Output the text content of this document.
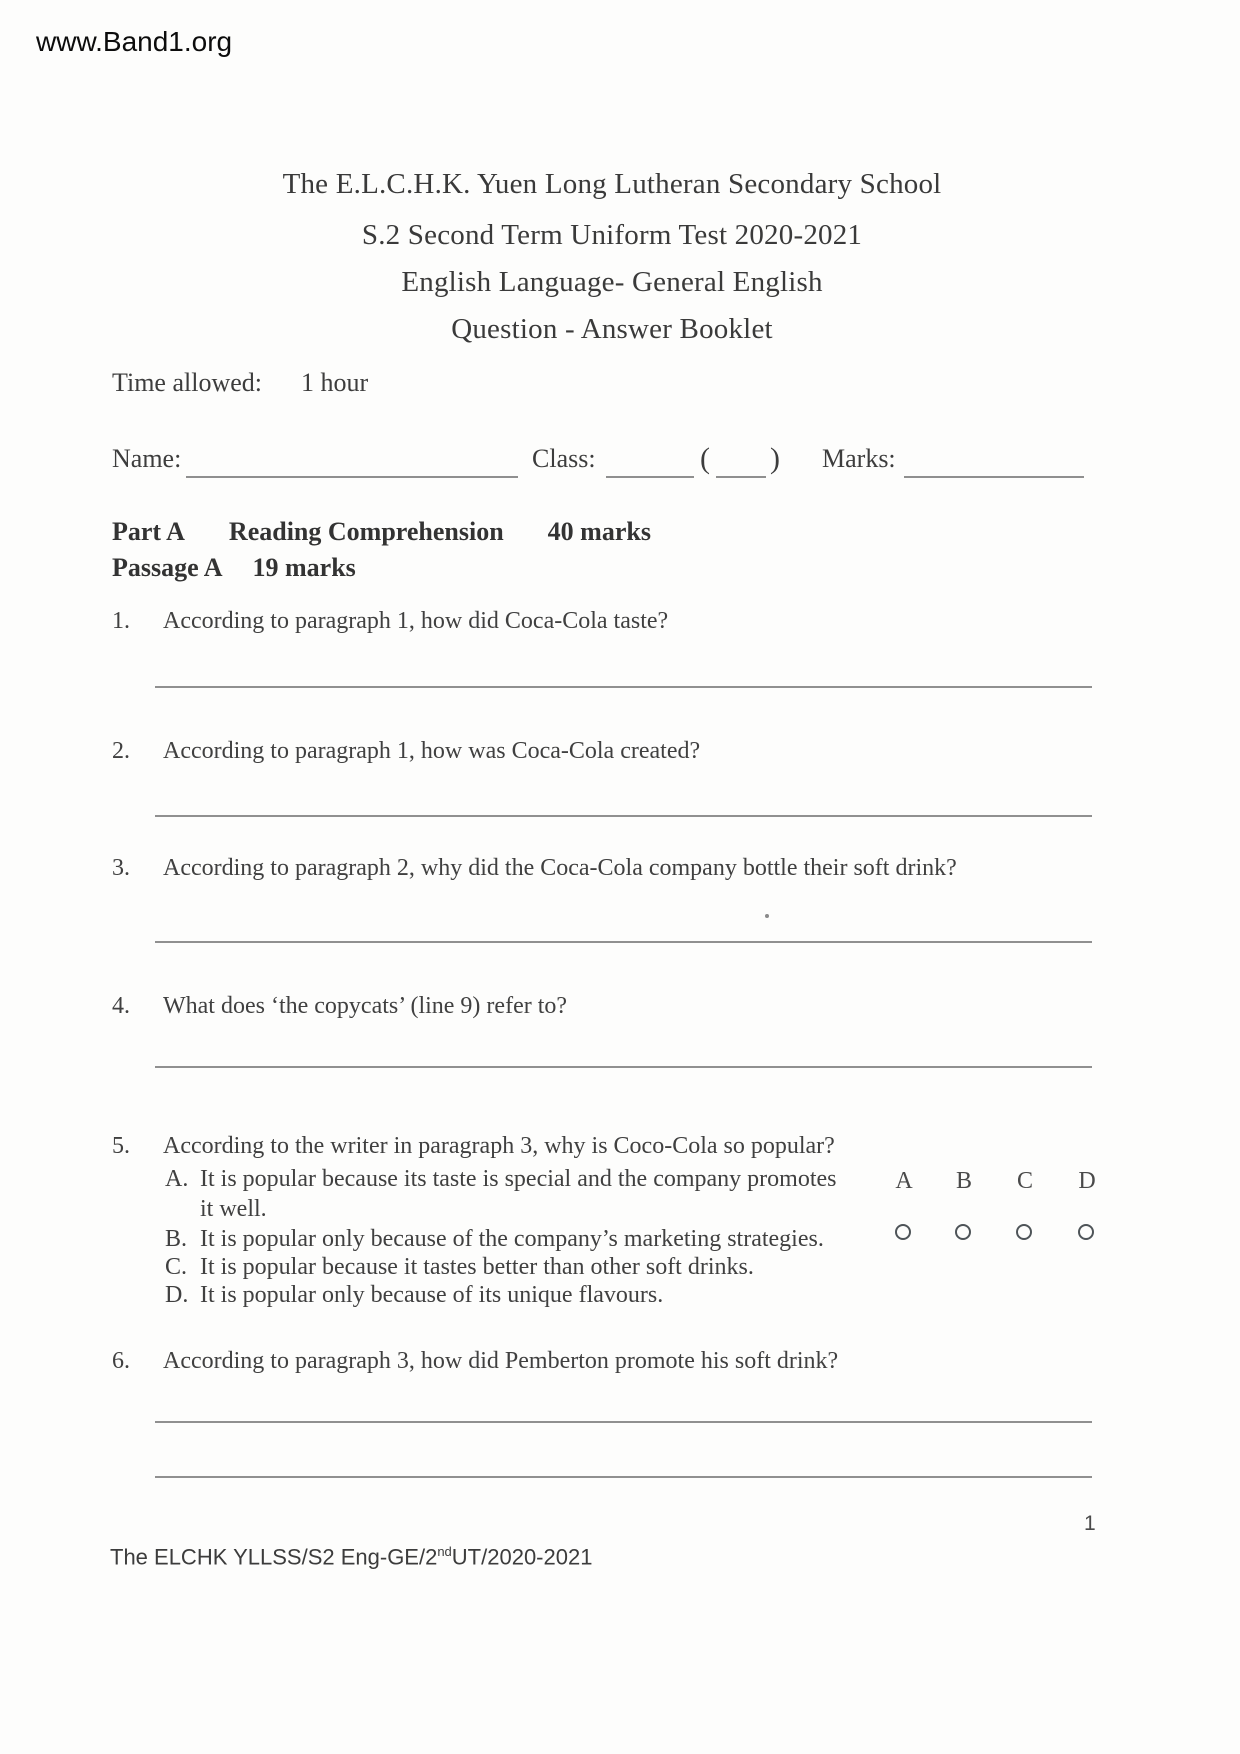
www.Band1.org
The E.L.C.H.K. Yuen Long Lutheran Secondary School
S.2 Second Term Uniform Test 2020-2021
English Language- General English
Question - Answer Booklet
Time allowed: 1 hour
Name:	Class:	( ) Marks:
Part A Reading Comprehension 40 marks
Passage A 19 marks
1. According to paragraph 1, how did Coca-Cola taste?
2. According to paragraph 1, how was Coca-Cola created?
3. According to paragraph 2, why did the Coca-Cola company bottle their soft drink?
4. What does ‘the copycats’ (line 9) refer to?
5. According to the writer in paragraph 3, why is Coco-Cola so popular?
A. It is popular because its taste is special and the company promotes
it well.
B. It is popular only because of the company’s marketing strategies.
C. It is popular because it tastes better than other soft drinks.
D. It is popular only because of its unique flavours.
A B C D
6. According to paragraph 3, how did Pemberton promote his soft drink?
1
The ELCHK YLLSS/S2 Eng-GE/2ndUT/2020-2021
